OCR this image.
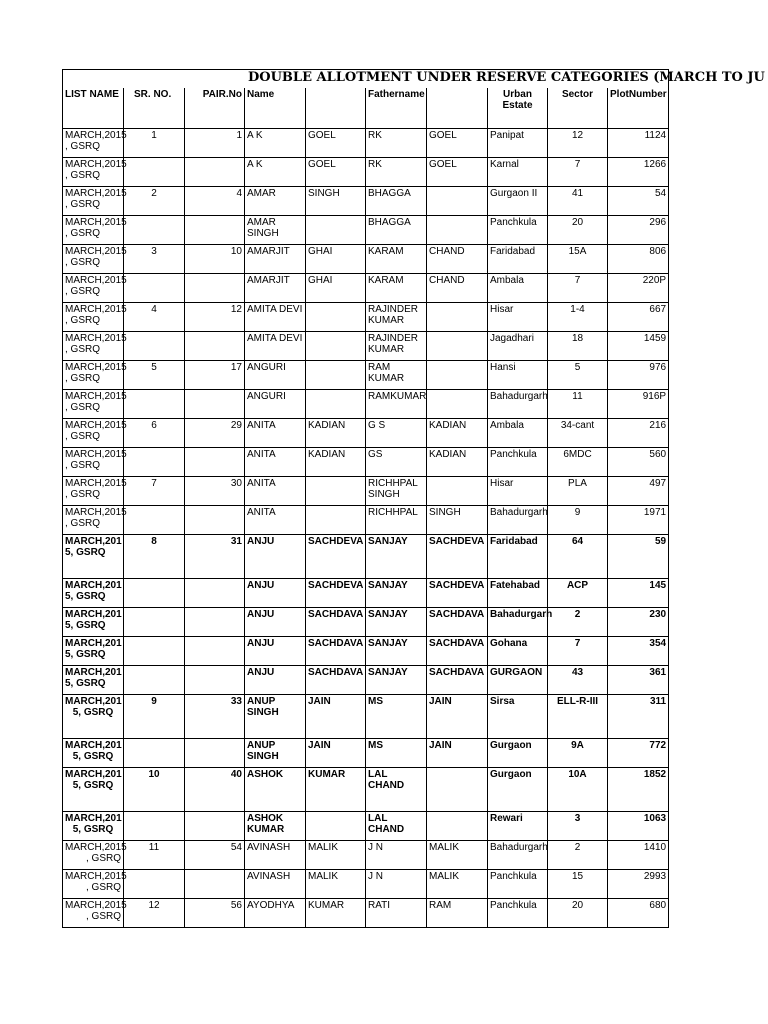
DOUBLE ALLOTMENT UNDER RESERVE CATEGORIES (MARCH TO JU									
LIST NAME	SR. NO.	PAIR.No	Name		Fathername		Urban Estate	Sector	PlotNumber
MARCH,2015 , GSRQ	1	1	A K	GOEL	RK	GOEL	Panipat	12	1124
MARCH,2015 , GSRQ			A K	GOEL	RK	GOEL	Karnal	7	1266
MARCH,2015 , GSRQ	2	4	AMAR	SINGH	BHAGGA		Gurgaon II	41	54
MARCH,2015 , GSRQ			AMAR SINGH		BHAGGA		Panchkula	20	296
MARCH,2015 , GSRQ	3	10	AMARJIT	GHAI	KARAM	CHAND	Faridabad	15A	806
MARCH,2015 , GSRQ			AMARJIT	GHAI	KARAM	CHAND	Ambala	7	220P
MARCH,2015 , GSRQ	4	12	AMITA DEVI		RAJINDER KUMAR		Hisar	1-4	667
MARCH,2015 , GSRQ			AMITA DEVI		RAJINDER KUMAR		Jagadhari	18	1459
MARCH,2015 , GSRQ	5	17	ANGURI		RAM KUMAR		Hansi	5	976
MARCH,2015 , GSRQ			ANGURI		RAMKUMAR		Bahadurgarh	11	916P
MARCH,2015 , GSRQ	6	29	ANITA	KADIAN	G S	KADIAN	Ambala	34-cant	216
MARCH,2015 , GSRQ			ANITA	KADIAN	GS	KADIAN	Panchkula	6MDC	560
MARCH,2015 , GSRQ	7	30	ANITA		RICHHPAL SINGH		Hisar	PLA	497
MARCH,2015 , GSRQ			ANITA		RICHHPAL	SINGH	Bahadurgarh	9	1971
MARCH,201 5, GSRQ	8	31	ANJU	SACHDEVA	SANJAY	SACHDEVA	Faridabad	64	59
MARCH,201 5, GSRQ			ANJU	SACHDEVA	SANJAY	SACHDEVA	Fatehabad	ACP	145
MARCH,201 5, GSRQ			ANJU	SACHDAVA	SANJAY	SACHDAVA	Bahadurgarh	2	230
MARCH,201 5, GSRQ			ANJU	SACHDAVA	SANJAY	SACHDAVA	Gohana	7	354
MARCH,201 5, GSRQ			ANJU	SACHDAVA	SANJAY	SACHDAVA	GURGAON	43	361
MARCH,201 5, GSRQ	9	33	ANUP SINGH	JAIN	MS	JAIN	Sirsa	ELL-R-III	311
MARCH,201 5, GSRQ			ANUP SINGH	JAIN	MS	JAIN	Gurgaon	9A	772
MARCH,201 5, GSRQ	10	40	ASHOK	KUMAR	LAL CHAND		Gurgaon	10A	1852
MARCH,201 5, GSRQ			ASHOK KUMAR		LAL CHAND		Rewari	3	1063
MARCH,2015 , GSRQ	11	54	AVINASH	MALIK	J N	MALIK	Bahadurgarh	2	1410
MARCH,2015 , GSRQ			AVINASH	MALIK	J N	MALIK	Panchkula	15	2993
MARCH,2015 , GSRQ	12	56	AYODHYA	KUMAR	RATI	RAM	Panchkula	20	680
